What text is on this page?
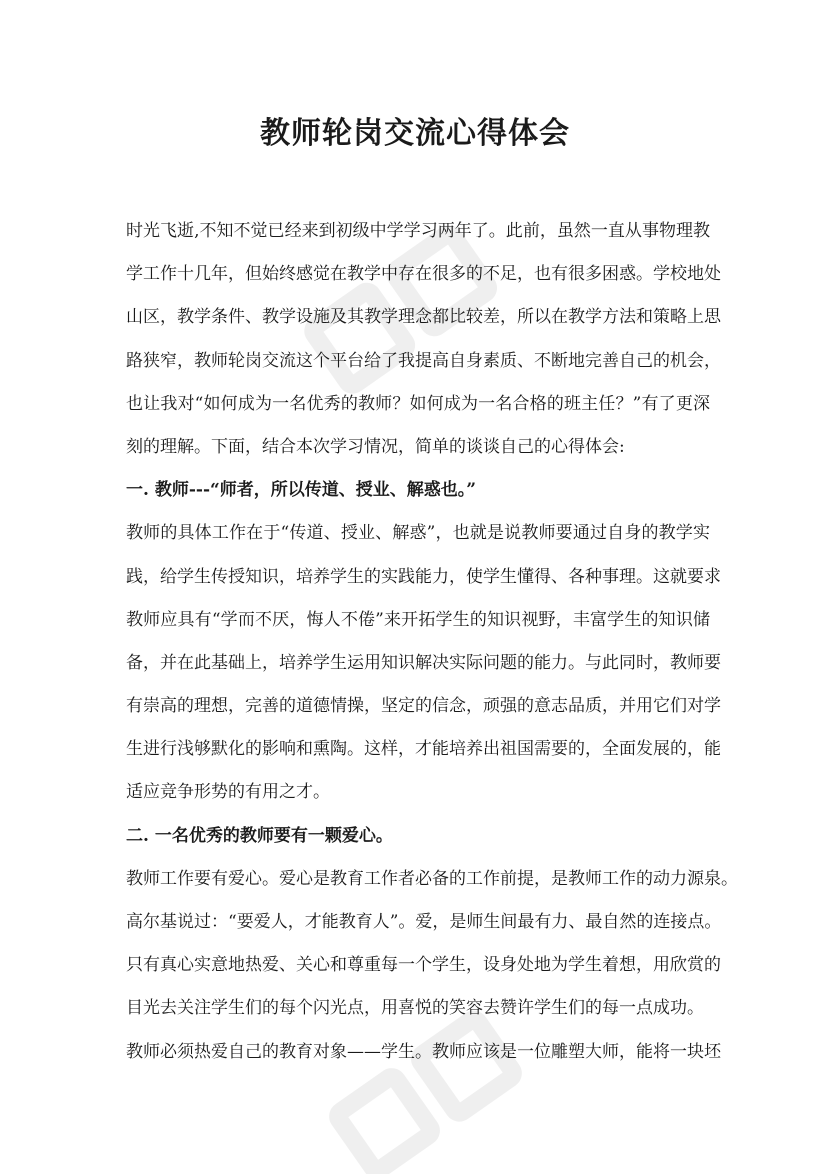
教师轮岗交流心得体会
时光飞逝,不知不觉已经来到初级中学学习两年了。此前，虽然一直从事物理教
学工作十几年，但始终感觉在教学中存在很多的不足，也有很多困惑。学校地处
山区，教学条件、教学设施及其教学理念都比较差，所以在教学方法和策略上思
路狭窄，教师轮岗交流这个平台给了我提高自身素质、不断地完善自己的机会，
也让我对“如何成为一名优秀的教师？如何成为一名合格的班主任？”有了更深
刻的理解。下面，结合本次学习情况，简单的谈谈自己的心得体会:
一. 教师---“师者，所以传道、授业、解惑也。”
教师的具体工作在于“传道、授业、解惑”，也就是说教师要通过自身的教学实
践，给学生传授知识，培养学生的实践能力，使学生懂得、各种事理。这就要求
教师应具有“学而不厌，悔人不倦”来开拓学生的知识视野，丰富学生的知识储
备，并在此基础上，培养学生运用知识解决实际问题的能力。与此同时，教师要
有崇高的理想，完善的道德情操，坚定的信念，顽强的意志品质，并用它们对学
生进行浅够默化的影响和熏陶。这样，才能培养出祖国需要的，全面发展的，能
适应竞争形势的有用之才。
二. 一名优秀的教师要有一颗爱心。
教师工作要有爱心。爱心是教育工作者必备的工作前提，是教师工作的动力源泉。
高尔基说过：“要爱人，才能教育人”。爱，是师生间最有力、最自然的连接点。
只有真心实意地热爱、关心和尊重每一个学生，设身处地为学生着想，用欣赏的
目光去关注学生们的每个闪光点，用喜悦的笑容去赞许学生们的每一点成功。
教师必须热爱自己的教育对象——学生。教师应该是一位雕塑大师，能将一块坯
